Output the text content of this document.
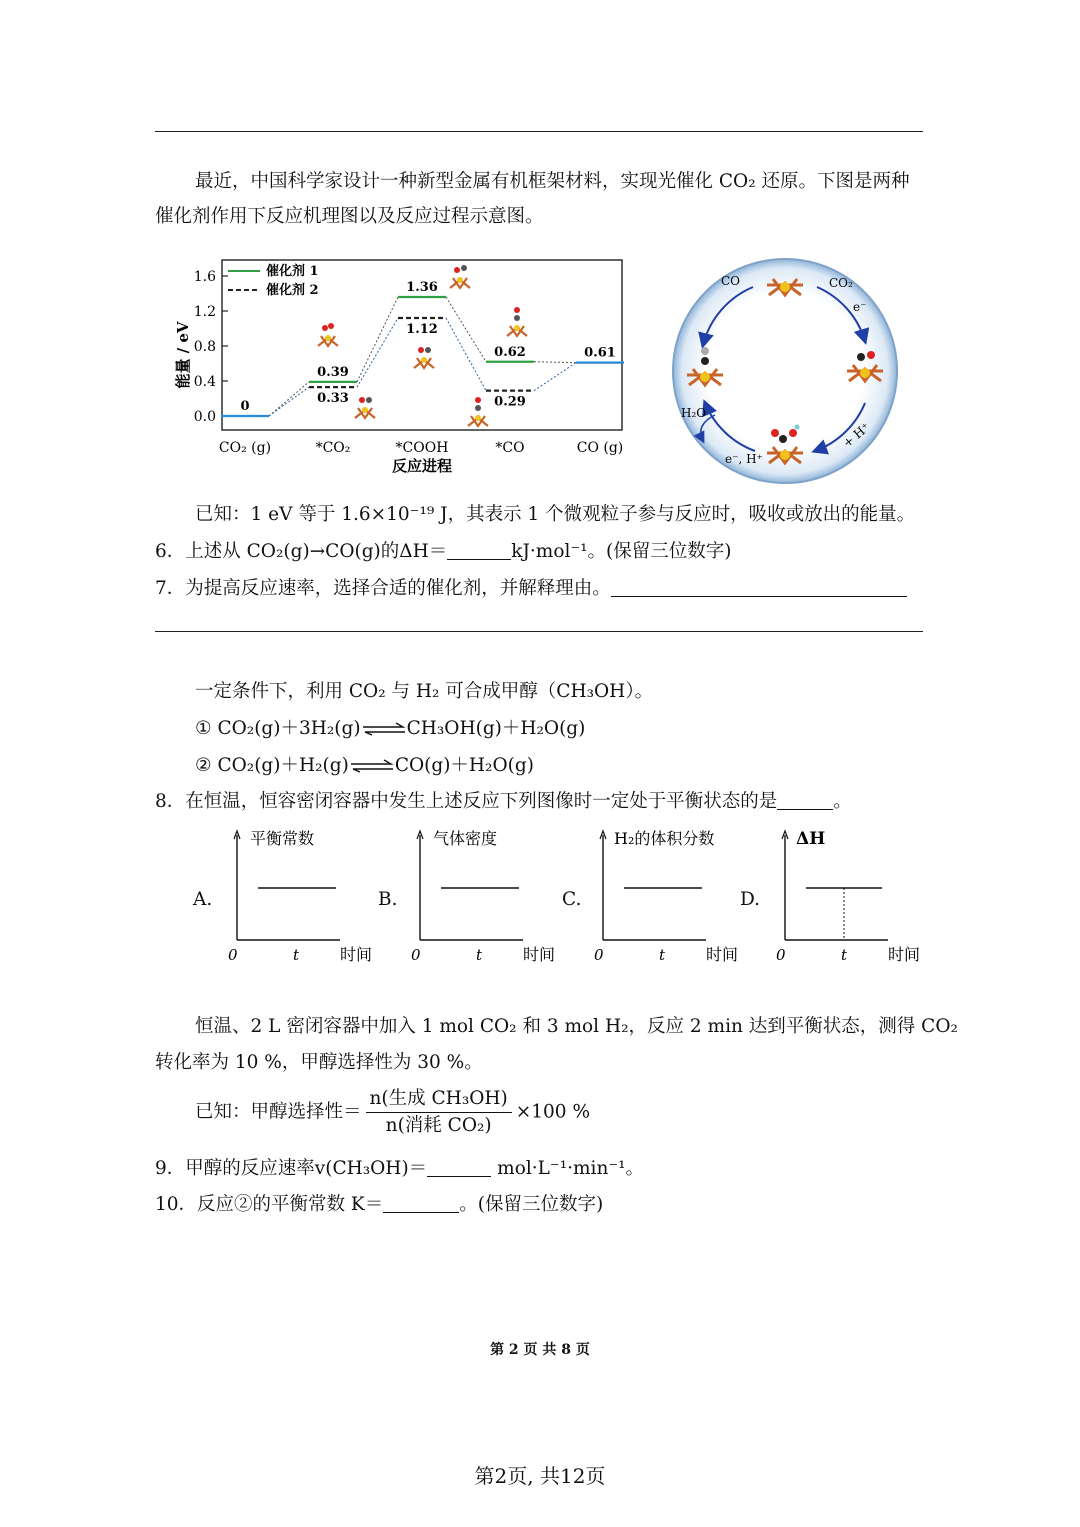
最近，中国科学家设计一种新型金属有机框架材料，实现光催化 CO₂ 还原。下图是两种
催化剂作用下反应机理图以及反应过程示意图。
1.6
1.2
0.8
0.4
0.0
能量 / eV
CO₂ (g)	*CO₂	*COOH	*CO	CO (g)
反应进程
0
0.39
0.33
1.36
1.12
0.62
0.29
0.61
催化剂 1
催化剂 2
CO	CO₂
e⁻
+ H⁺
e⁻, H⁺
H₂O
已知：1 eV 等于 1.6×10⁻¹⁹ J，其表示 1 个微观粒子参与反应时，吸收或放出的能量。
6．上述从 CO₂(g)→CO(g)的ΔH＝	kJ·mol⁻¹。(保留三位数字)
7．为提高反应速率，选择合适的催化剂，并解释理由。
一定条件下，利用 CO₂ 与 H₂ 可合成甲醇（CH₃OH）。
① CO₂(g)＋3H₂(g)⇌CH₃OH(g)＋H₂O(g)
② CO₂(g)＋H₂(g)⇌CO(g)＋H₂O(g)
8．在恒温，恒容密闭容器中发生上述反应下列图像时一定处于平衡状态的是	。
A.	B.	C.	D.
平衡常数
0	t	时间
气体密度
0	t	时间
H₂的体积分数
0	t	时间
ΔH
0	t	时间
恒温、2 L 密闭容器中加入 1 mol CO₂ 和 3 mol H₂，反应 2 min 达到平衡状态，测得 CO₂
转化率为 10 %，甲醇选择性为 30 %。
已知：甲醇选择性＝ $\frac{\text{n(生成 CH₃OH)}}{\text{n(消耗 CO₂)}} \times 100$ %
9．甲醇的反应速率v(CH₃OH)＝	mol·L⁻¹·min⁻¹。
10．反应②的平衡常数 K＝	。(保留三位数字)
第 2 页 共 8 页
第2页, 共12页
